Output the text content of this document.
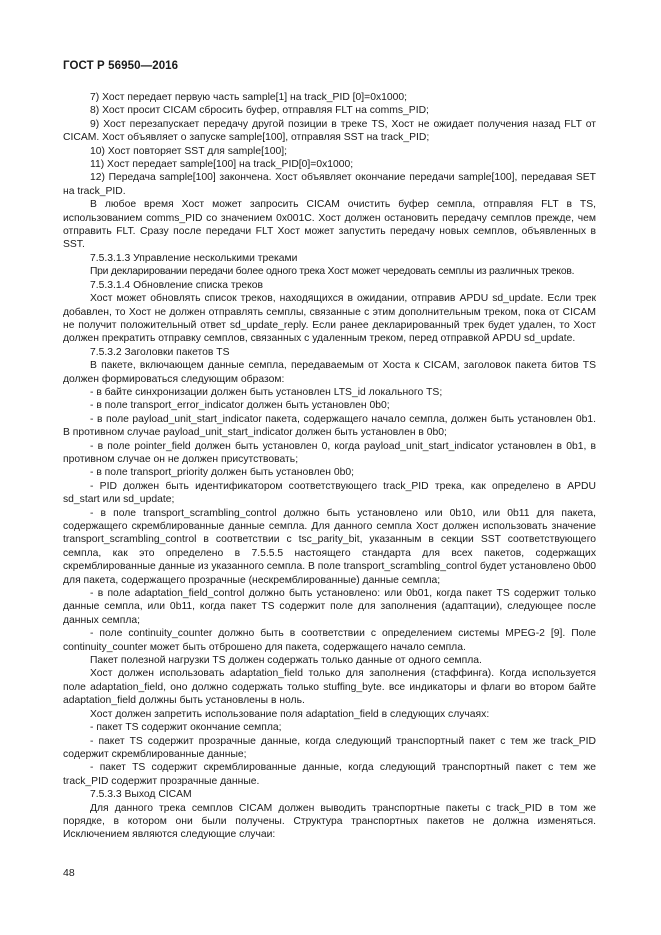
ГОСТ Р 56950—2016

7) Хост передает первую часть sample[1] на track_PID [0]=0x1000;

8) Хост просит CICAM сбросить буфер, отправляя FLT на comms_PID;

9) Хост перезапускает передачу другой позиции в треке TS, Хост не ожидает получения назад FLT от CICAM. Хост объявляет о запуске sample[100], отправляя SST на track_PID;

10) Хост повторяет SST для sample[100];

11) Хост передает sample[100] на track_PID[0]=0x1000;

12) Передача sample[100] закончена. Хост объявляет окончание передачи sample[100], передавая SET на track_PID.

В любое время Хост может запросить CICAM очистить буфер семпла, отправляя FLT в TS, использованием comms_PID со значением 0x001C. Хост должен остановить передачу семплов прежде, чем отправить FLT. Сразу после передачи FLT Хост может запустить передачу новых семплов, объявленных в SST.

7.5.3.1.3 Управление несколькими треками

При декларировании передачи более одного трека Хост может чередовать семплы из различных треков.

7.5.3.1.4 Обновление списка треков

Хост может обновлять список треков, находящихся в ожидании, отправив APDU sd_update. Если трек добавлен, то Хост не должен отправлять семплы, связанные с этим дополнительным треком, пока от CICAM не получит положительный ответ sd_update_reply. Если ранее декларированный трек будет удален, то Хост должен прекратить отправку семплов, связанных с удаленным треком, перед отправкой APDU sd_update.

7.5.3.2 Заголовки пакетов TS

В пакете, включающем данные семпла, передаваемым от Хоста к CICAM, заголовок пакета битов TS должен формироваться следующим образом:

- в байте синхронизации должен быть установлен LTS_id локального TS;

- в поле transport_error_indicator должен быть установлен 0b0;

- в поле payload_unit_start_indicator пакета, содержащего начало семпла, должен быть установлен 0b1. В противном случае payload_unit_start_indicator должен быть установлен в 0b0;

- в поле pointer_field должен быть установлен 0, когда payload_unit_start_indicator установлен в 0b1, в противном случае он не должен присутствовать;

- в поле transport_priority должен быть установлен 0b0;

- PID должен быть идентификатором соответствующего track_PID трека, как определено в APDU sd_start или sd_update;

- в поле transport_scrambling_control должно быть установлено или 0b10, или 0b11 для пакета, содержащего скремблированные данные семпла. Для данного семпла Хост должен использовать значение transport_scrambling_control в соответствии с tsc_parity_bit, указанным в секции SST соответствующего семпла, как это определено в 7.5.5.5 настоящего стандарта для всех пакетов, содержащих скремблированные данные из указанного семпла. В поле transport_scrambling_control будет установлено 0b00 для пакета, содержащего прозрачные (нескремблированные) данные семпла;

- в поле adaptation_field_control должно быть установлено: или 0b01, когда пакет TS содержит только данные семпла, или 0b11, когда пакет TS содержит поле для заполнения (адаптации), следующее после данных семпла;

- поле continuity_counter должно быть в соответствии с определением системы MPEG-2 [9]. Поле continuity_counter может быть отброшено для пакета, содержащего начало семпла.

Пакет полезной нагрузки TS должен содержать только данные от одного семпла.

Хост должен использовать adaptation_field только для заполнения (стаффинга). Когда используется поле adaptation_field, оно должно содержать только stuffing_byte. все индикаторы и флаги во втором байте adaptation_field должны быть установлены в ноль.

Хост должен запретить использование поля adaptation_field в следующих случаях:

- пакет TS содержит окончание семпла;

- пакет TS содержит прозрачные данные, когда следующий транспортный пакет с тем же track_PID содержит скремблированные данные;

- пакет TS содержит скремблированные данные, когда следующий транспортный пакет с тем же track_PID содержит прозрачные данные.

7.5.3.3 Выход CICAM

Для данного трека семплов CICAM должен выводить транспортные пакеты с track_PID в том же порядке, в котором они были получены. Структура транспортных пакетов не должна изменяться. Исключением являются следующие случаи:

48
